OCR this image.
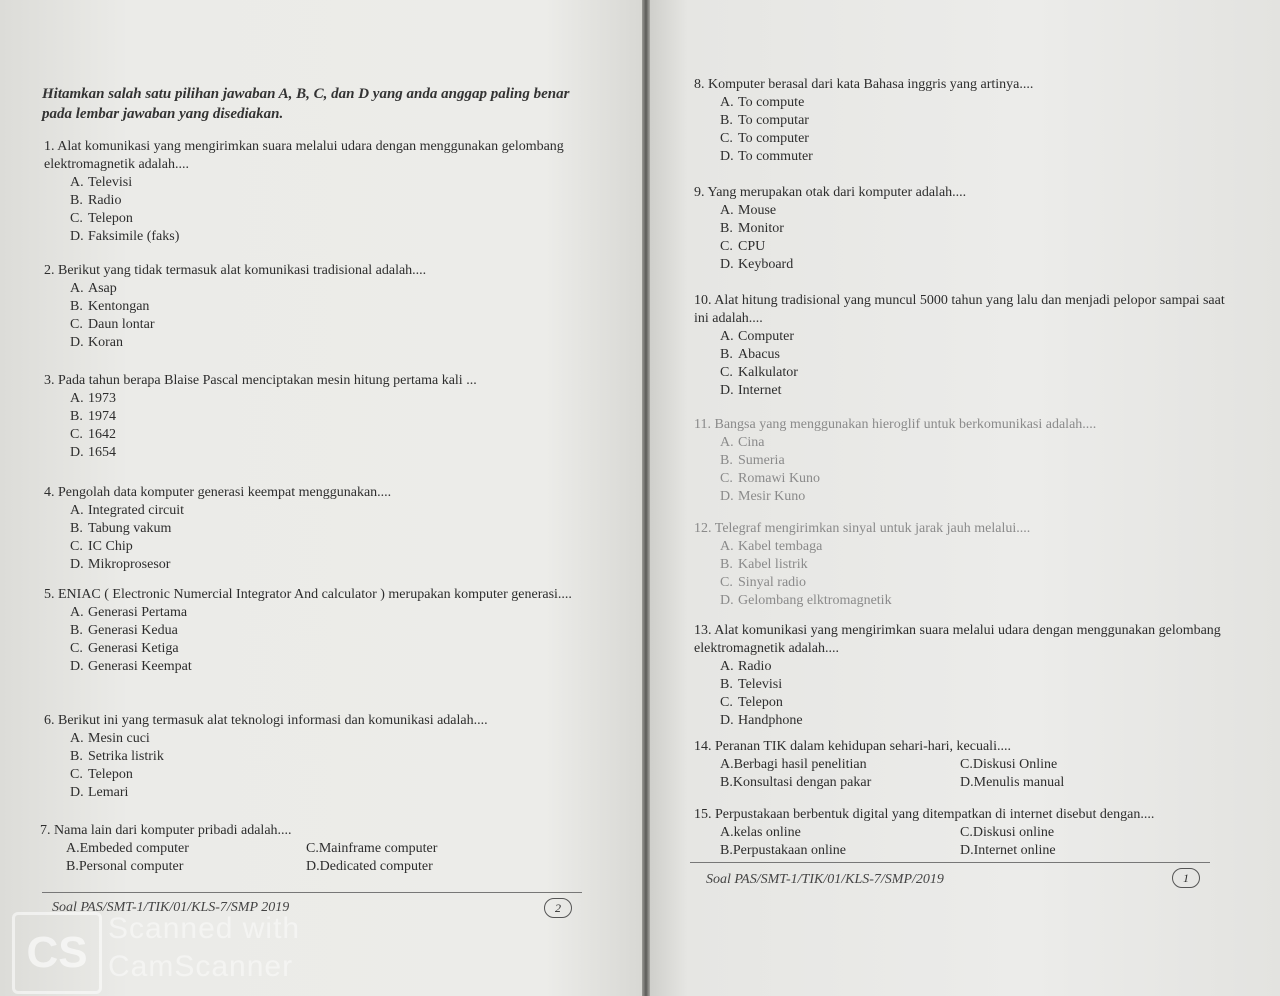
Hitamkan salah satu pilihan jawaban A, B, C, dan D yang anda anggap paling benar pada lembar jawaban yang disediakan.
1. Alat komunikasi yang mengirimkan suara melalui udara dengan menggunakan gelombang elektromagnetik adalah....
A. Televisi
B. Radio
C. Telepon
D. Faksimile (faks)
2. Berikut yang tidak termasuk alat komunikasi tradisional adalah....
A. Asap
B. Kentongan
C. Daun lontar
D. Koran
3. Pada tahun berapa Blaise Pascal menciptakan mesin hitung pertama kali ...
A. 1973
B. 1974
C. 1642
D. 1654
4. Pengolah data komputer generasi keempat menggunakan....
A. Integrated circuit
B. Tabung vakum
C. IC Chip
D. Mikroprosesor
5. ENIAC ( Electronic Numercial Integrator And calculator ) merupakan komputer generasi....
A. Generasi Pertama
B. Generasi Kedua
C. Generasi Ketiga
D. Generasi Keempat
6. Berikut ini yang termasuk alat teknologi informasi dan komunikasi adalah....
A. Mesin cuci
B. Setrika listrik
C. Telepon
D. Lemari
7. Nama lain dari komputer pribadi adalah....
A.Embeded computer	C.Mainframe computer
B.Personal computer	D.Dedicated computer
Soal PAS/SMT-1/TIK/01/KLS-7/SMP 2019	2
CS Scanned with
CamScanner
8. Komputer berasal dari kata Bahasa inggris yang artinya....
A. To compute
B. To computar
C. To computer
D. To commuter
9. Yang merupakan otak dari komputer adalah....
A. Mouse
B. Monitor
C. CPU
D. Keyboard
10. Alat hitung tradisional yang muncul 5000 tahun yang lalu dan menjadi pelopor sampai saat ini adalah....
A. Computer
B. Abacus
C. Kalkulator
D. Internet
11. Bangsa yang menggunakan hieroglif untuk berkomunikasi adalah....
A. Cina
B. Sumeria
C. Romawi Kuno
D. Mesir Kuno
12. Telegraf mengirimkan sinyal untuk jarak jauh melalui....
A. Kabel tembaga
B. Kabel listrik
C. Sinyal radio
D. Gelombang elktromagnetik
13. Alat komunikasi yang mengirimkan suara melalui udara dengan menggunakan gelombang elektromagnetik adalah....
A. Radio
B. Televisi
C. Telepon
D. Handphone
14. Peranan TIK dalam kehidupan sehari-hari, kecuali....
A.Berbagi hasil penelitian	C.Diskusi Online
B.Konsultasi dengan pakar	D.Menulis manual
15. Perpustakaan berbentuk digital yang ditempatkan di internet disebut dengan....
A.kelas online	C.Diskusi online
B.Perpustakaan online	D.Internet online
Soal PAS/SMT-1/TIK/01/KLS-7/SMP/2019	1
